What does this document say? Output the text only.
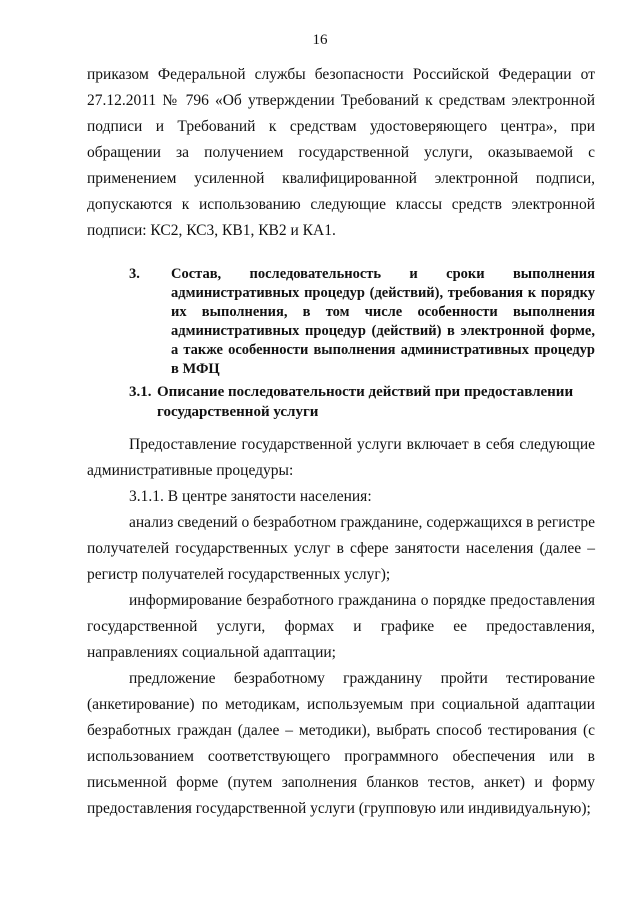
16

приказом Федеральной службы безопасности Российской Федерации от 27.12.2011 № 796 «Об утверждении Требований к средствам электронной подписи и Требований к средствам удостоверяющего центра», при обращении за получением государственной услуги, оказываемой с применением усиленной квалифицированной электронной подписи, допускаются к использованию следующие классы средств электронной подписи: КС2, КС3, КВ1, КВ2 и КА1.

3.	Состав, последовательность и сроки выполнения административных процедур (действий), требования к порядку их выполнения, в том числе особенности выполнения административных процедур (действий) в электронной форме, а также особенности выполнения административных процедур в МФЦ
3.1. Описание последовательности действий при предоставлении государственной услуги

Предоставление государственной услуги включает в себя следующие административные процедуры:

3.1.1. В центре занятости населения:

анализ сведений о безработном гражданине, содержащихся в регистре получателей государственных услуг в сфере занятости населения (далее – регистр получателей государственных услуг);

информирование безработного гражданина о порядке предоставления государственной услуги, формах и графике ее предоставления, направлениях социальной адаптации;

предложение безработному гражданину пройти тестирование (анкетирование) по методикам, используемым при социальной адаптации безработных граждан (далее – методики), выбрать способ тестирования (с использованием соответствующего программного обеспечения или в письменной форме (путем заполнения бланков тестов, анкет) и форму предоставления государственной услуги (групповую или индивидуальную);
